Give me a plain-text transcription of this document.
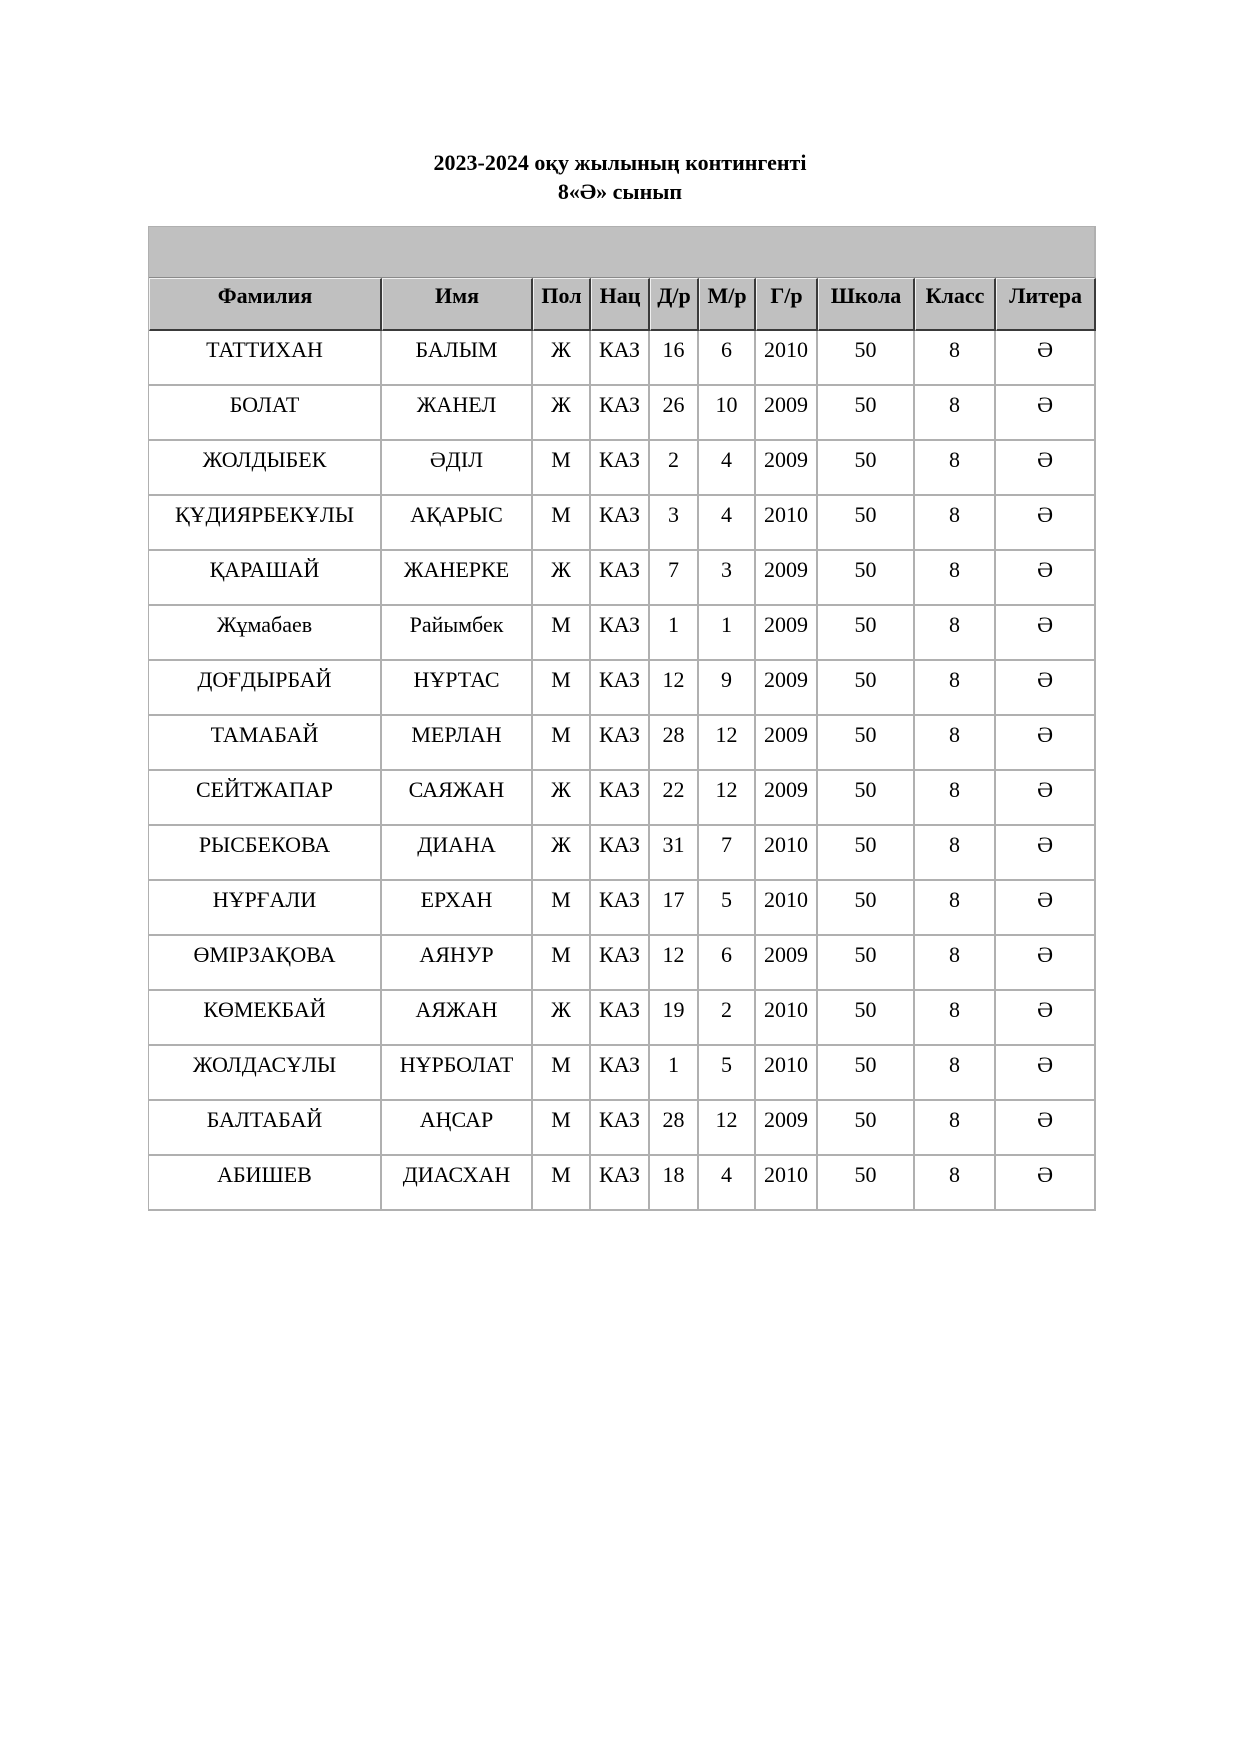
2023-2024 оқу жылының контингенті
8«Ә» сынып

Фамилия	Имя	Пол	Нац	Д/р	М/р	Г/р	Школа	Класс	Литера
ТАТТИХАН	БАЛЫМ	Ж	КАЗ	16	6	2010	50	8	Ә
БОЛАТ	ЖАНЕЛ	Ж	КАЗ	26	10	2009	50	8	Ә
ЖОЛДЫБЕК	ӘДІЛ	М	КАЗ	2	4	2009	50	8	Ә
ҚҰДИЯРБЕКҰЛЫ	АҚАРЫС	М	КАЗ	3	4	2010	50	8	Ә
ҚАРАШАЙ	ЖАНЕРКЕ	Ж	КАЗ	7	3	2009	50	8	Ә
Жұмабаев	Райымбек	М	КАЗ	1	1	2009	50	8	Ә
ДОҒДЫРБАЙ	НҰРТАС	М	КАЗ	12	9	2009	50	8	Ә
ТАМАБАЙ	МЕРЛАН	М	КАЗ	28	12	2009	50	8	Ә
СЕЙТЖАПАР	САЯЖАН	Ж	КАЗ	22	12	2009	50	8	Ә
РЫСБЕКОВА	ДИАНА	Ж	КАЗ	31	7	2010	50	8	Ә
НҰРҒАЛИ	ЕРХАН	М	КАЗ	17	5	2010	50	8	Ә
ӨМІРЗАҚОВА	АЯНУР	М	КАЗ	12	6	2009	50	8	Ә
КӨМЕКБАЙ	АЯЖАН	Ж	КАЗ	19	2	2010	50	8	Ә
ЖОЛДАСҰЛЫ	НҰРБОЛАТ	М	КАЗ	1	5	2010	50	8	Ә
БАЛТАБАЙ	АҢСАР	М	КАЗ	28	12	2009	50	8	Ә
АБИШЕВ	ДИАСХАН	М	КАЗ	18	4	2010	50	8	Ә
